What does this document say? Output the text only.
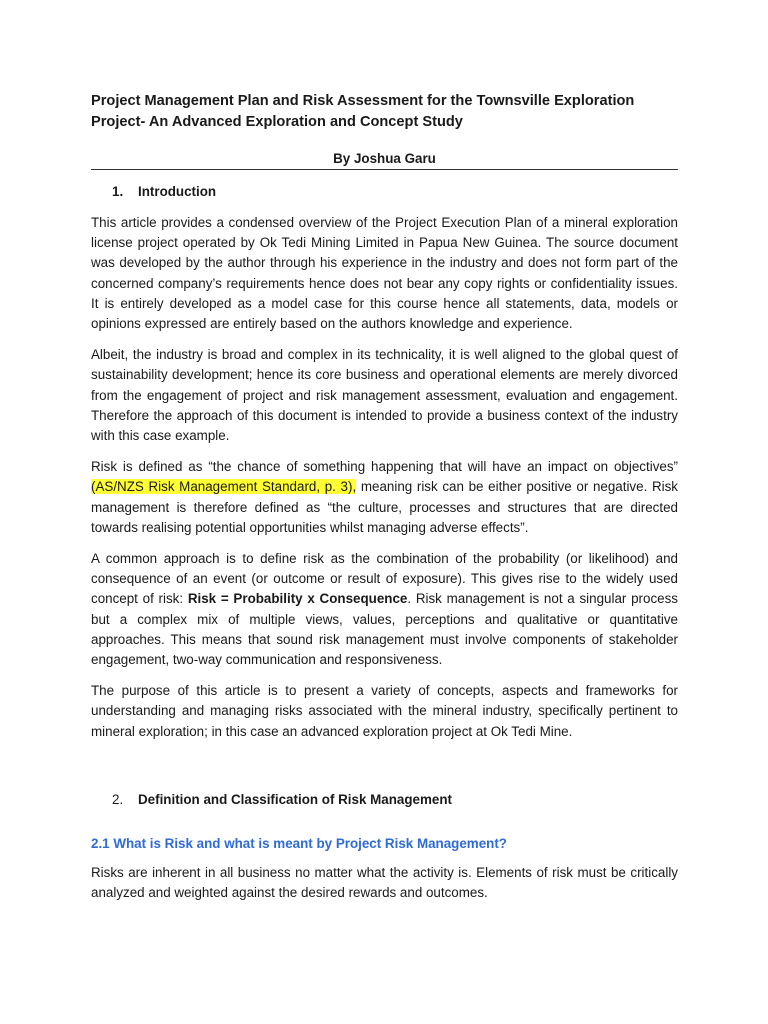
Project Management Plan and Risk Assessment for the Townsville Exploration Project- An Advanced Exploration and Concept Study
By Joshua Garu
1. Introduction

This article provides a condensed overview of the Project Execution Plan of a mineral exploration license project operated by Ok Tedi Mining Limited in Papua New Guinea. The source document was developed by the author through his experience in the industry and does not form part of the concerned company’s requirements hence does not bear any copy rights or confidentiality issues. It is entirely developed as a model case for this course hence all statements, data, models or opinions expressed are entirely based on the authors knowledge and experience.

Albeit, the industry is broad and complex in its technicality, it is well aligned to the global quest of sustainability development; hence its core business and operational elements are merely divorced from the engagement of project and risk management assessment, evaluation and engagement. Therefore the approach of this document is intended to provide a business context of the industry with this case example.

Risk is defined as “the chance of something happening that will have an impact on objectives” (AS/NZS Risk Management Standard, p. 3), meaning risk can be either positive or negative. Risk management is therefore defined as “the culture, processes and structures that are directed towards realising potential opportunities whilst managing adverse effects”.

A common approach is to define risk as the combination of the probability (or likelihood) and consequence of an event (or outcome or result of exposure). This gives rise to the widely used concept of risk: Risk = Probability x Consequence. Risk management is not a singular process but a complex mix of multiple views, values, perceptions and qualitative or quantitative approaches. This means that sound risk management must involve components of stakeholder engagement, two-way communication and responsiveness.

The purpose of this article is to present a variety of concepts, aspects and frameworks for understanding and managing risks associated with the mineral industry, specifically pertinent to mineral exploration; in this case an advanced exploration project at Ok Tedi Mine.

2. Definition and Classification of Risk Management
2.1 What is Risk and what is meant by Project Risk Management?

Risks are inherent in all business no matter what the activity is. Elements of risk must be critically analyzed and weighted against the desired rewards and outcomes.
